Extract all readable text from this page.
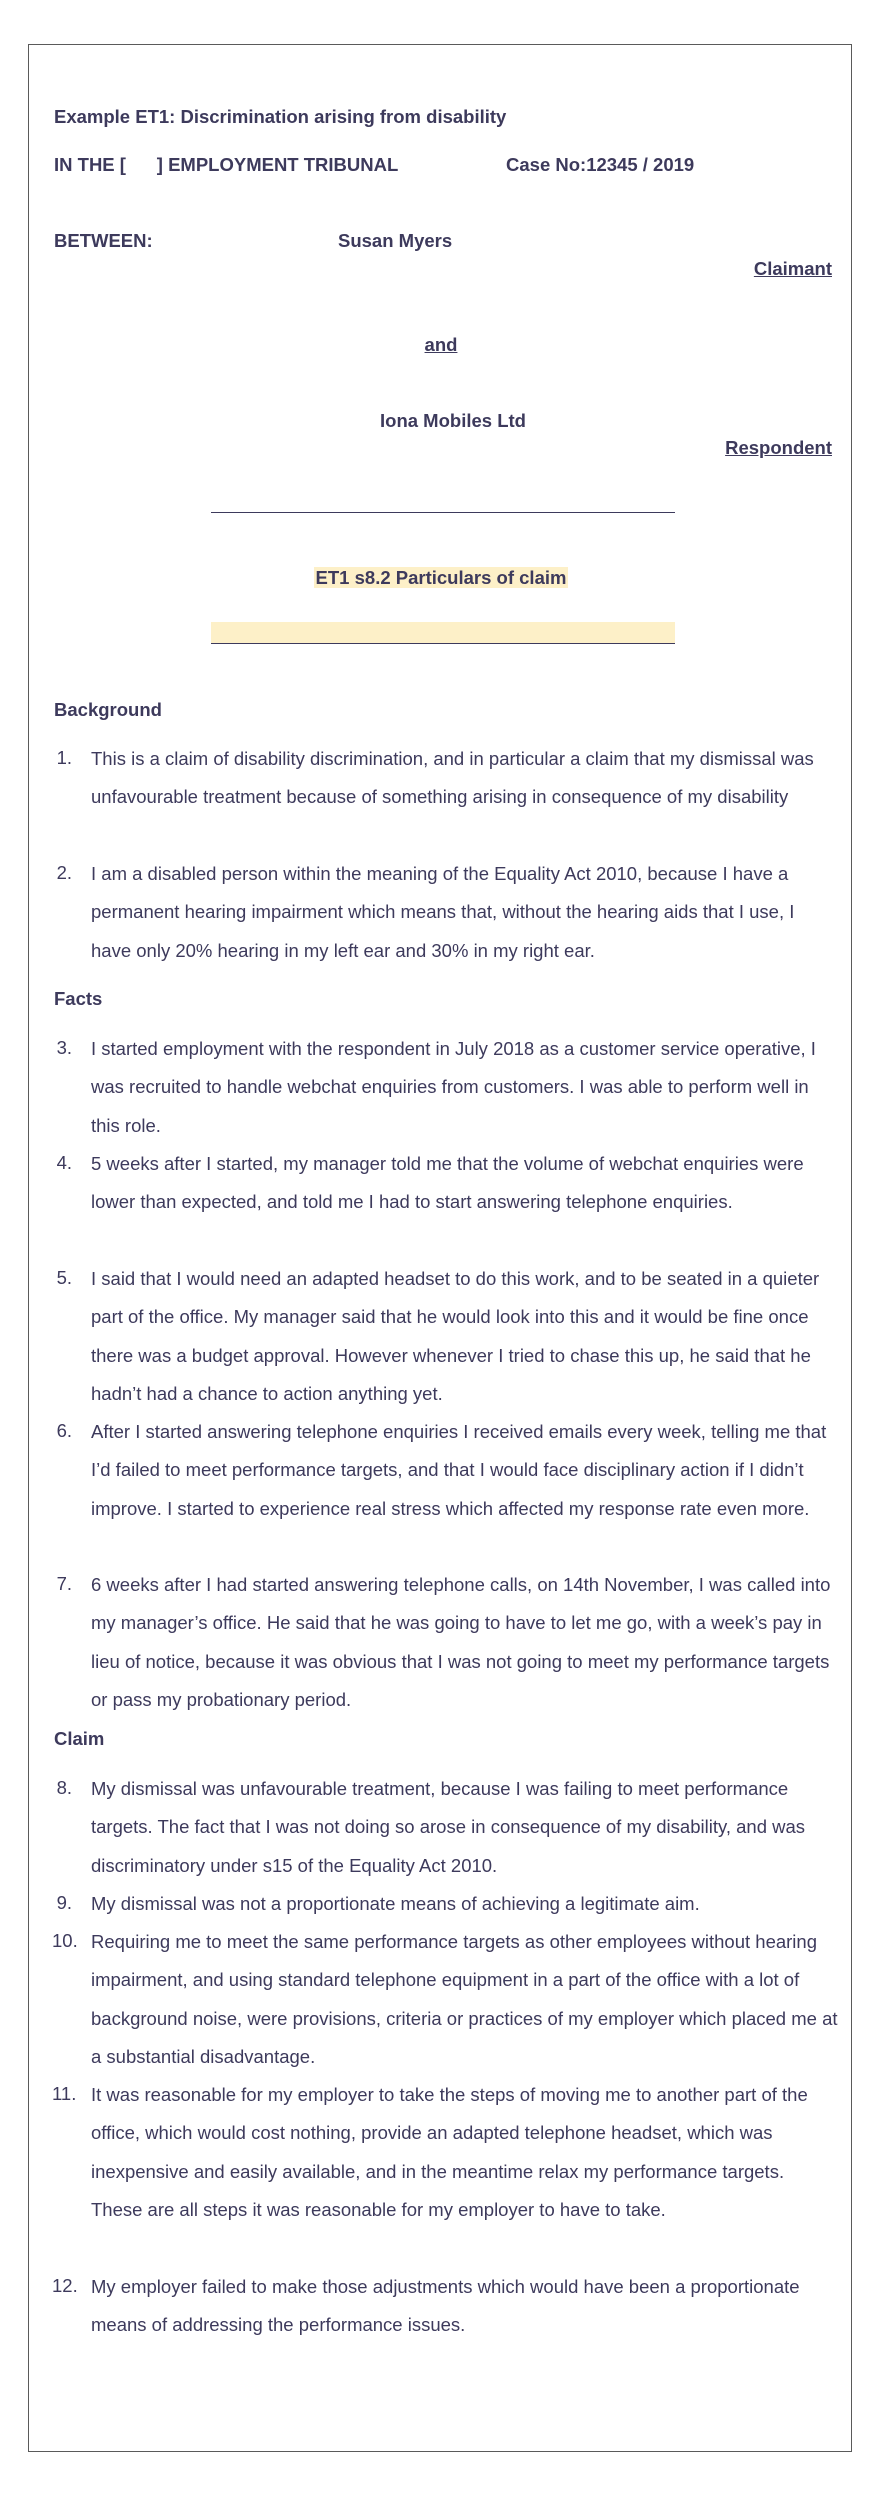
Example ET1: Discrimination arising from disability
IN THE [      ] EMPLOYMENT TRIBUNAL	Case No:12345 / 2019
BETWEEN:	Susan Myers
Claimant
and
Iona Mobiles Ltd
Respondent
ET1 s8.2 Particulars of claim
Background
1. This is a claim of disability discrimination, and in particular a claim that my dismissal was unfavourable treatment because of something arising in consequence of my disability
2. I am a disabled person within the meaning of the Equality Act 2010, because I have a permanent hearing impairment which means that, without the hearing aids that I use, I have only 20% hearing in my left ear and 30% in my right ear.
Facts
3. I started employment with the respondent in July 2018 as a customer service operative, I was recruited to handle webchat enquiries from customers. I was able to perform well in this role.
4. 5 weeks after I started, my manager told me that the volume of webchat enquiries were lower than expected, and told me I had to start answering telephone enquiries.
5. I said that I would need an adapted headset to do this work, and to be seated in a quieter part of the office. My manager said that he would look into this and it would be fine once there was a budget approval. However whenever I tried to chase this up, he said that he hadn’t had a chance to action anything yet.
6. After I started answering telephone enquiries I received emails every week, telling me that I’d failed to meet performance targets, and that I would face disciplinary action if I didn’t improve. I started to experience real stress which affected my response rate even more.
7. 6 weeks after I had started answering telephone calls, on 14th November, I was called into my manager’s office. He said that he was going to have to let me go, with a week’s pay in lieu of notice, because it was obvious that I was not going to meet my performance targets or pass my probationary period.
Claim
8. My dismissal was unfavourable treatment, because I was failing to meet performance targets. The fact that I was not doing so arose in consequence of my disability, and was discriminatory under s15 of the Equality Act 2010.
9. My dismissal was not a proportionate means of achieving a legitimate aim.
10. Requiring me to meet the same performance targets as other employees without hearing impairment, and using standard telephone equipment in a part of the office with a lot of background noise, were provisions, criteria or practices of my employer which placed me at a substantial disadvantage.
11. It was reasonable for my employer to take the steps of moving me to another part of the office, which would cost nothing, provide an adapted telephone headset, which was inexpensive and easily available, and in the meantime relax my performance targets. These are all steps it was reasonable for my employer to have to take.
12. My employer failed to make those adjustments which would have been a proportionate means of addressing the performance issues.
